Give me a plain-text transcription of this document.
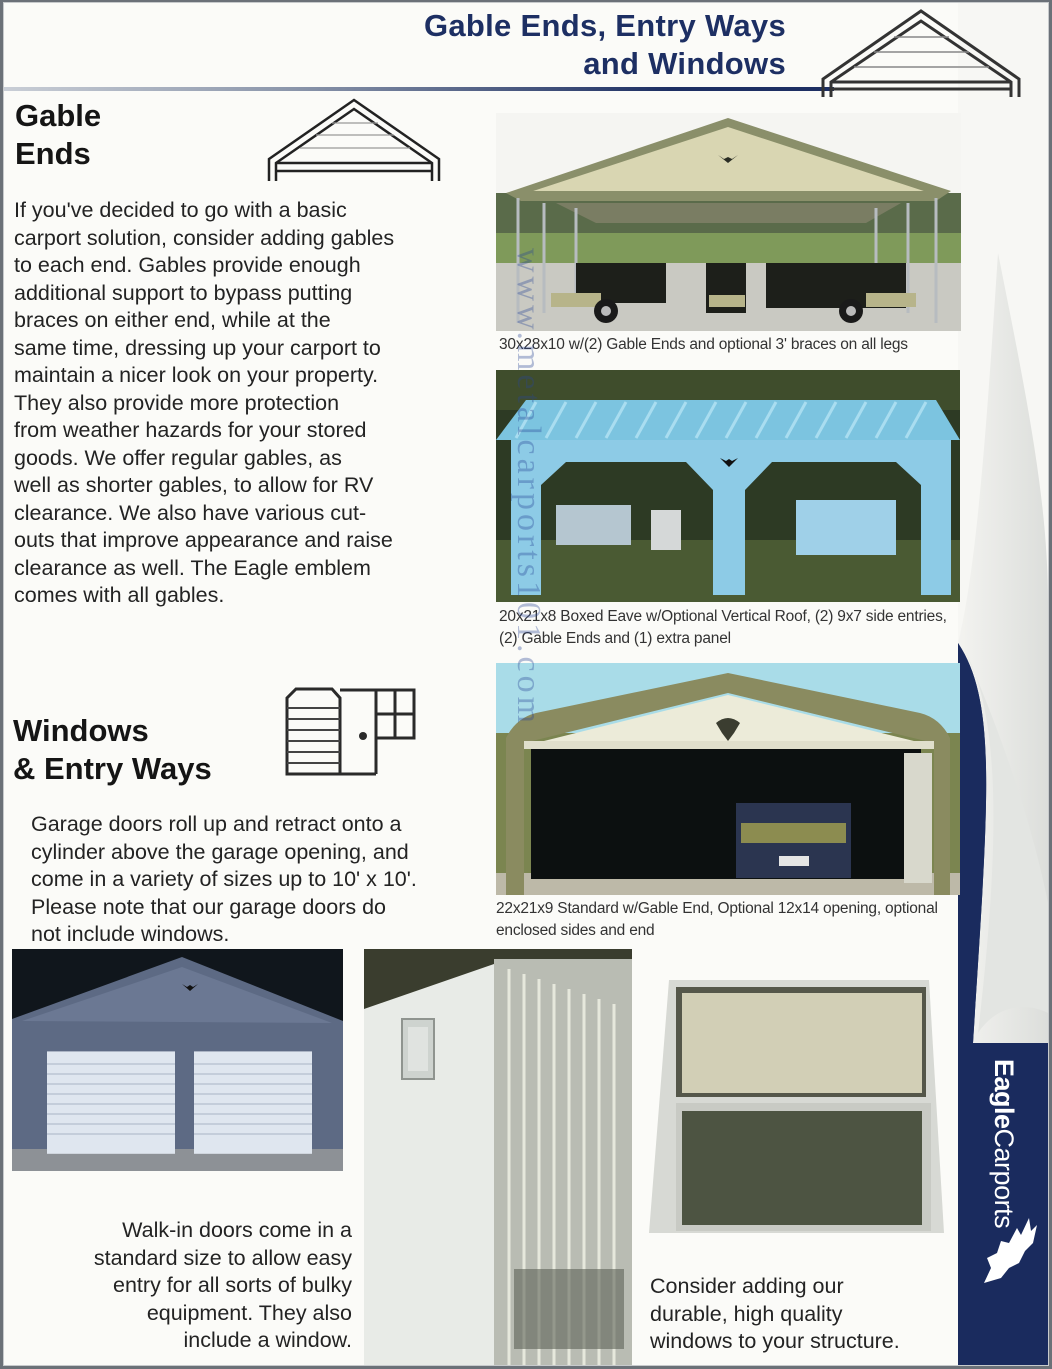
Gable Ends, Entry Ways
and Windows
Gable
Ends
If you've decided to go with a basic
carport solution, consider adding gables
to each end. Gables provide enough
additional support to bypass putting
braces on either end, while at the
same time, dressing up your carport to
maintain a nicer look on your property.
They also provide more protection
from weather hazards for your stored
goods. We offer regular gables, as
well as shorter gables, to allow for RV
clearance. We also have various cut-
outs that improve appearance and raise
clearance as well. The Eagle emblem
comes with all gables.
Windows
& Entry Ways
Garage doors roll up and retract onto a
cylinder above the garage opening, and
come in a variety of sizes up to 10' x 10'.
Please note that our garage doors do
not include windows.
30x28x10 w/(2) Gable Ends and optional 3' braces on all legs
20x21x8 Boxed Eave w/Optional Vertical Roof, (2) 9x7 side entries,
(2) Gable Ends and (1) extra panel
22x21x9 Standard w/Gable End, Optional 12x14 opening, optional
enclosed sides and end
Walk-in doors come in a
standard size to allow easy
entry for all sorts of bulky
equipment. They also
include a window.
Consider adding our
durable, high quality
windows to your structure.
EagleCarports
www.metalcarports101.com
